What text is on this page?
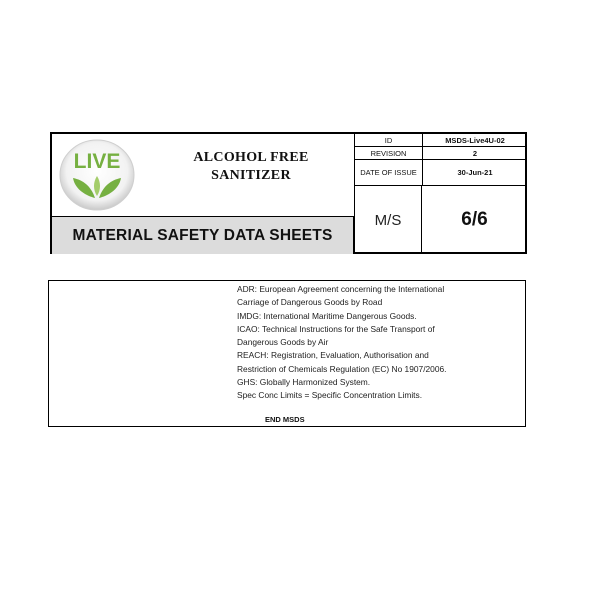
LIVE	ALCOHOL FREE
SANITIZER
MATERIAL SAFETY DATA SHEETS
ID	MSDS-Live4U-02
REVISION	2
DATE OF ISSUE	30-Jun-21
M/S	6/6
ADR: European Agreement concerning the International
Carriage of Dangerous Goods by Road
IMDG: International Maritime Dangerous Goods.
ICAO: Technical Instructions for the Safe Transport of
Dangerous Goods by Air
REACH: Registration, Evaluation, Authorisation and
Restriction of Chemicals Regulation (EC) No 1907/2006.
GHS: Globally Harmonized System.
Spec Conc Limits = Specific Concentration Limits.
END MSDS
